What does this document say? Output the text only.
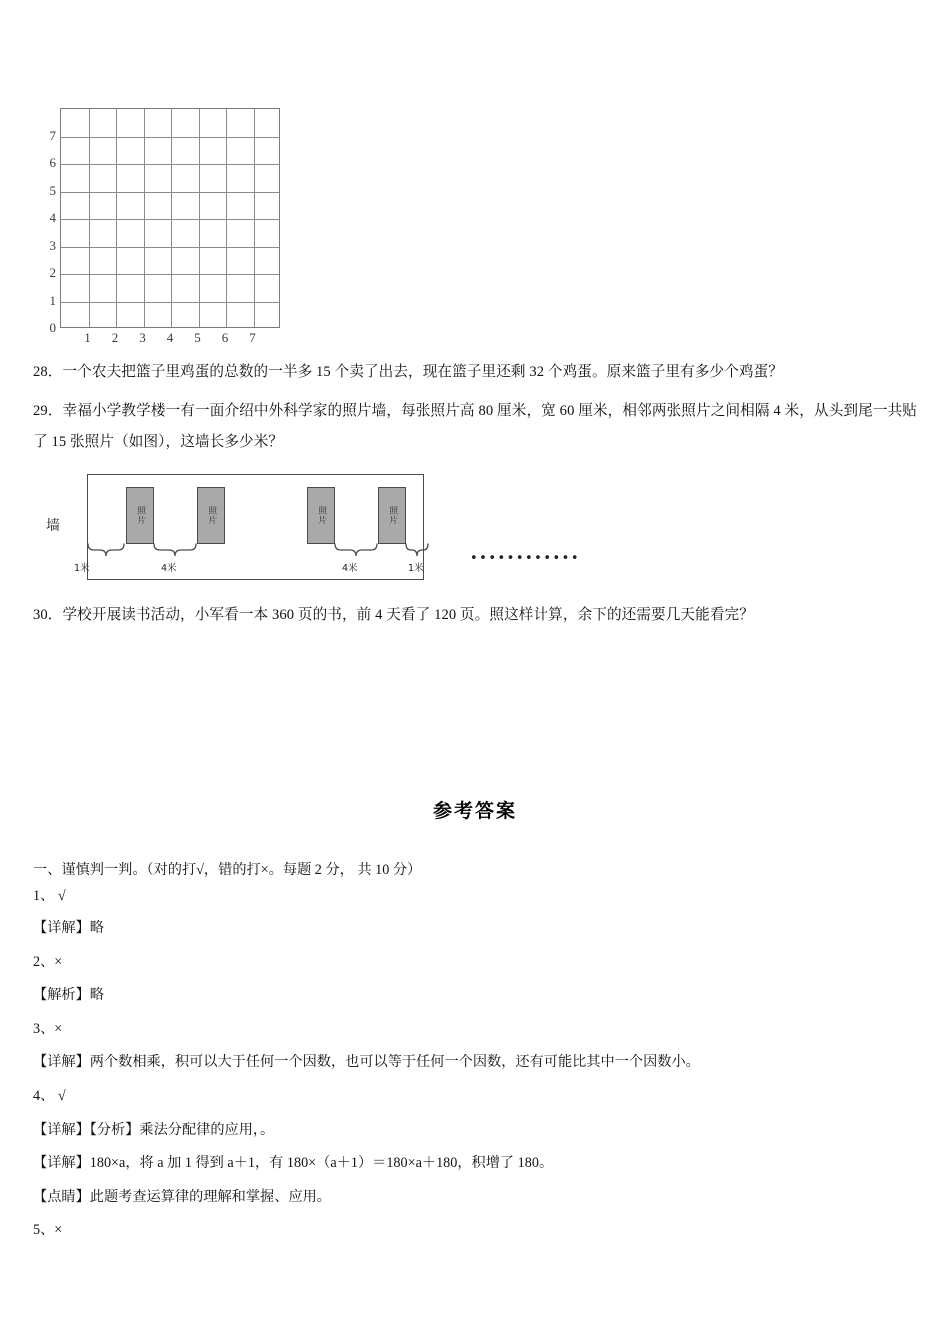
7
6
5
4
3
2
1
0
1 2 3 4 5 6 7
28．一个农夫把篮子里鸡蛋的总数的一半多 15 个卖了出去，现在篮子里还剩 32 个鸡蛋。原来篮子里有多少个鸡蛋？
29．幸福小学教学楼一有一面介绍中外科学家的照片墙，每张照片高 80 厘米，宽 60 厘米，相邻两张照片之间相隔 4 米，从头到尾一共贴了 15 张照片（如图），这墙长多少米？
墙
照片	照片	照片	照片
1米	4米	4米	1米
••••••••••••
30．学校开展读书活动，小军看一本 360 页的书，前 4 天看了 120 页。照这样计算，余下的还需要几天能看完？
参考答案
一、谨慎判一判。（对的打√，错的打×。每题 2 分， 共 10 分）
1、 √
【详解】略
2、×
【解析】略
3、×
【详解】两个数相乘，积可以大于任何一个因数，也可以等于任何一个因数，还有可能比其中一个因数小。
4、 √
【详解】【分析】乘法分配律的应用，。
【详解】180×a，将 a 加 1 得到 a＋1，有 180×（a＋1）＝180×a＋180，积增了 180。
【点睛】此题考查运算律的理解和掌握、应用。
5、×
